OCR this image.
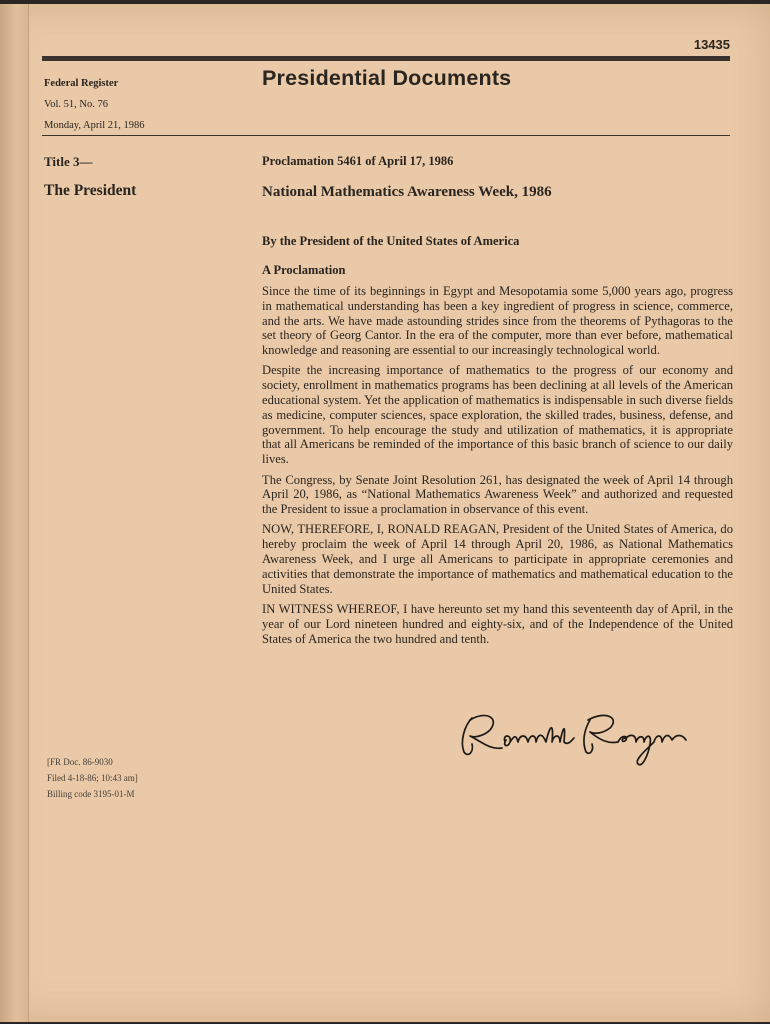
13435
Federal Register
Vol. 51, No. 76
Monday, April 21, 1986
Presidential Documents
Title 3—
The President
Proclamation 5461 of April 17, 1986
National Mathematics Awareness Week, 1986
By the President of the United States of America
A Proclamation

Since the time of its beginnings in Egypt and Mesopotamia some 5,000 years ago, progress in mathematical understanding has been a key ingredient of progress in science, commerce, and the arts. We have made astounding strides since from the theorems of Pythagoras to the set theory of Georg Cantor. In the era of the computer, more than ever before, mathematical knowledge and reasoning are essential to our increasingly technological world.

Despite the increasing importance of mathematics to the progress of our economy and society, enrollment in mathematics programs has been declining at all levels of the American educational system. Yet the application of mathematics is indispensable in such diverse fields as medicine, computer sciences, space exploration, the skilled trades, business, defense, and government. To help encourage the study and utilization of mathematics, it is appropriate that all Americans be reminded of the importance of this basic branch of science to our daily lives.

The Congress, by Senate Joint Resolution 261, has designated the week of April 14 through April 20, 1986, as “National Mathematics Awareness Week” and authorized and requested the President to issue a proclamation in observance of this event.

NOW, THEREFORE, I, RONALD REAGAN, President of the United States of America, do hereby proclaim the week of April 14 through April 20, 1986, as National Mathematics Awareness Week, and I urge all Americans to participate in appropriate ceremonies and activities that demonstrate the importance of mathematics and mathematical education to the United States.

IN WITNESS WHEREOF, I have hereunto set my hand this seventeenth day of April, in the year of our Lord nineteen hundred and eighty-six, and of the Independence of the United States of America the two hundred and tenth.

[FR Doc. 86-9030
Filed 4-18-86; 10:43 am]
Billing code 3195-01-M
